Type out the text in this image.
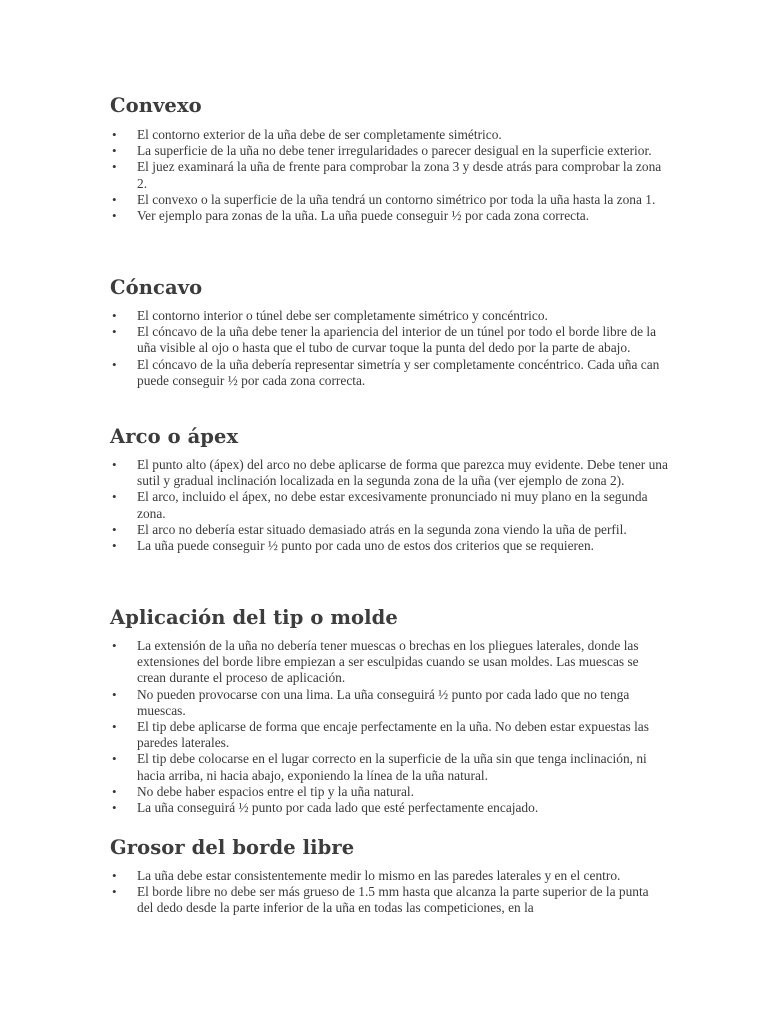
Convexo
• El contorno exterior de la uña debe de ser completamente simétrico.
• La superficie de la uña no debe tener irregularidades o parecer desigual en la superficie exterior.
• El juez examinará la uña de frente para comprobar la zona 3 y desde atrás para comprobar la zona 2.
• El convexo o la superficie de la uña tendrá un contorno simétrico por toda la uña hasta la zona 1.
• Ver ejemplo para zonas de la uña. La uña puede conseguir ½ por cada zona correcta.
Cóncavo
• El contorno interior o túnel debe ser completamente simétrico y concéntrico.
• El cóncavo de la uña debe tener la apariencia del interior de un túnel por todo el borde libre de la uña visible al ojo o hasta que el tubo de curvar toque la punta del dedo por la parte de abajo.
• El cóncavo de la uña debería representar simetría y ser completamente concéntrico. Cada uña can puede conseguir ½ por cada zona correcta.
Arco o ápex
• El punto alto (ápex) del arco no debe aplicarse de forma que parezca muy evidente. Debe tener una sutil y gradual inclinación localizada en la segunda zona de la uña (ver ejemplo de zona 2).
• El arco, incluido el ápex, no debe estar excesivamente pronunciado ni muy plano en la segunda zona.
• El arco no debería estar situado demasiado atrás en la segunda zona viendo la uña de perfil.
• La uña puede conseguir ½ punto por cada uno de estos dos criterios que se requieren.
Aplicación del tip o molde
• La extensión de la uña no debería tener muescas o brechas en los pliegues laterales, donde las extensiones del borde libre empiezan a ser esculpidas cuando se usan moldes. Las muescas se crean durante el proceso de aplicación.
• No pueden provocarse con una lima. La uña conseguirá ½ punto por cada lado que no tenga muescas.
• El tip debe aplicarse de forma que encaje perfectamente en la uña. No deben estar expuestas las paredes laterales.
• El tip debe colocarse en el lugar correcto en la superficie de la uña sin que tenga inclinación, ni hacia arriba, ni hacia abajo, exponiendo la línea de la uña natural.
• No debe haber espacios entre el tip y la uña natural.
• La uña conseguirá ½ punto por cada lado que esté perfectamente encajado.
Grosor del borde libre
• La uña debe estar consistentemente medir lo mismo en las paredes laterales y en el centro.
• El borde libre no debe ser más grueso de 1.5 mm hasta que alcanza la parte superior de la punta del dedo desde la parte inferior de la uña en todas las competiciones, en la
